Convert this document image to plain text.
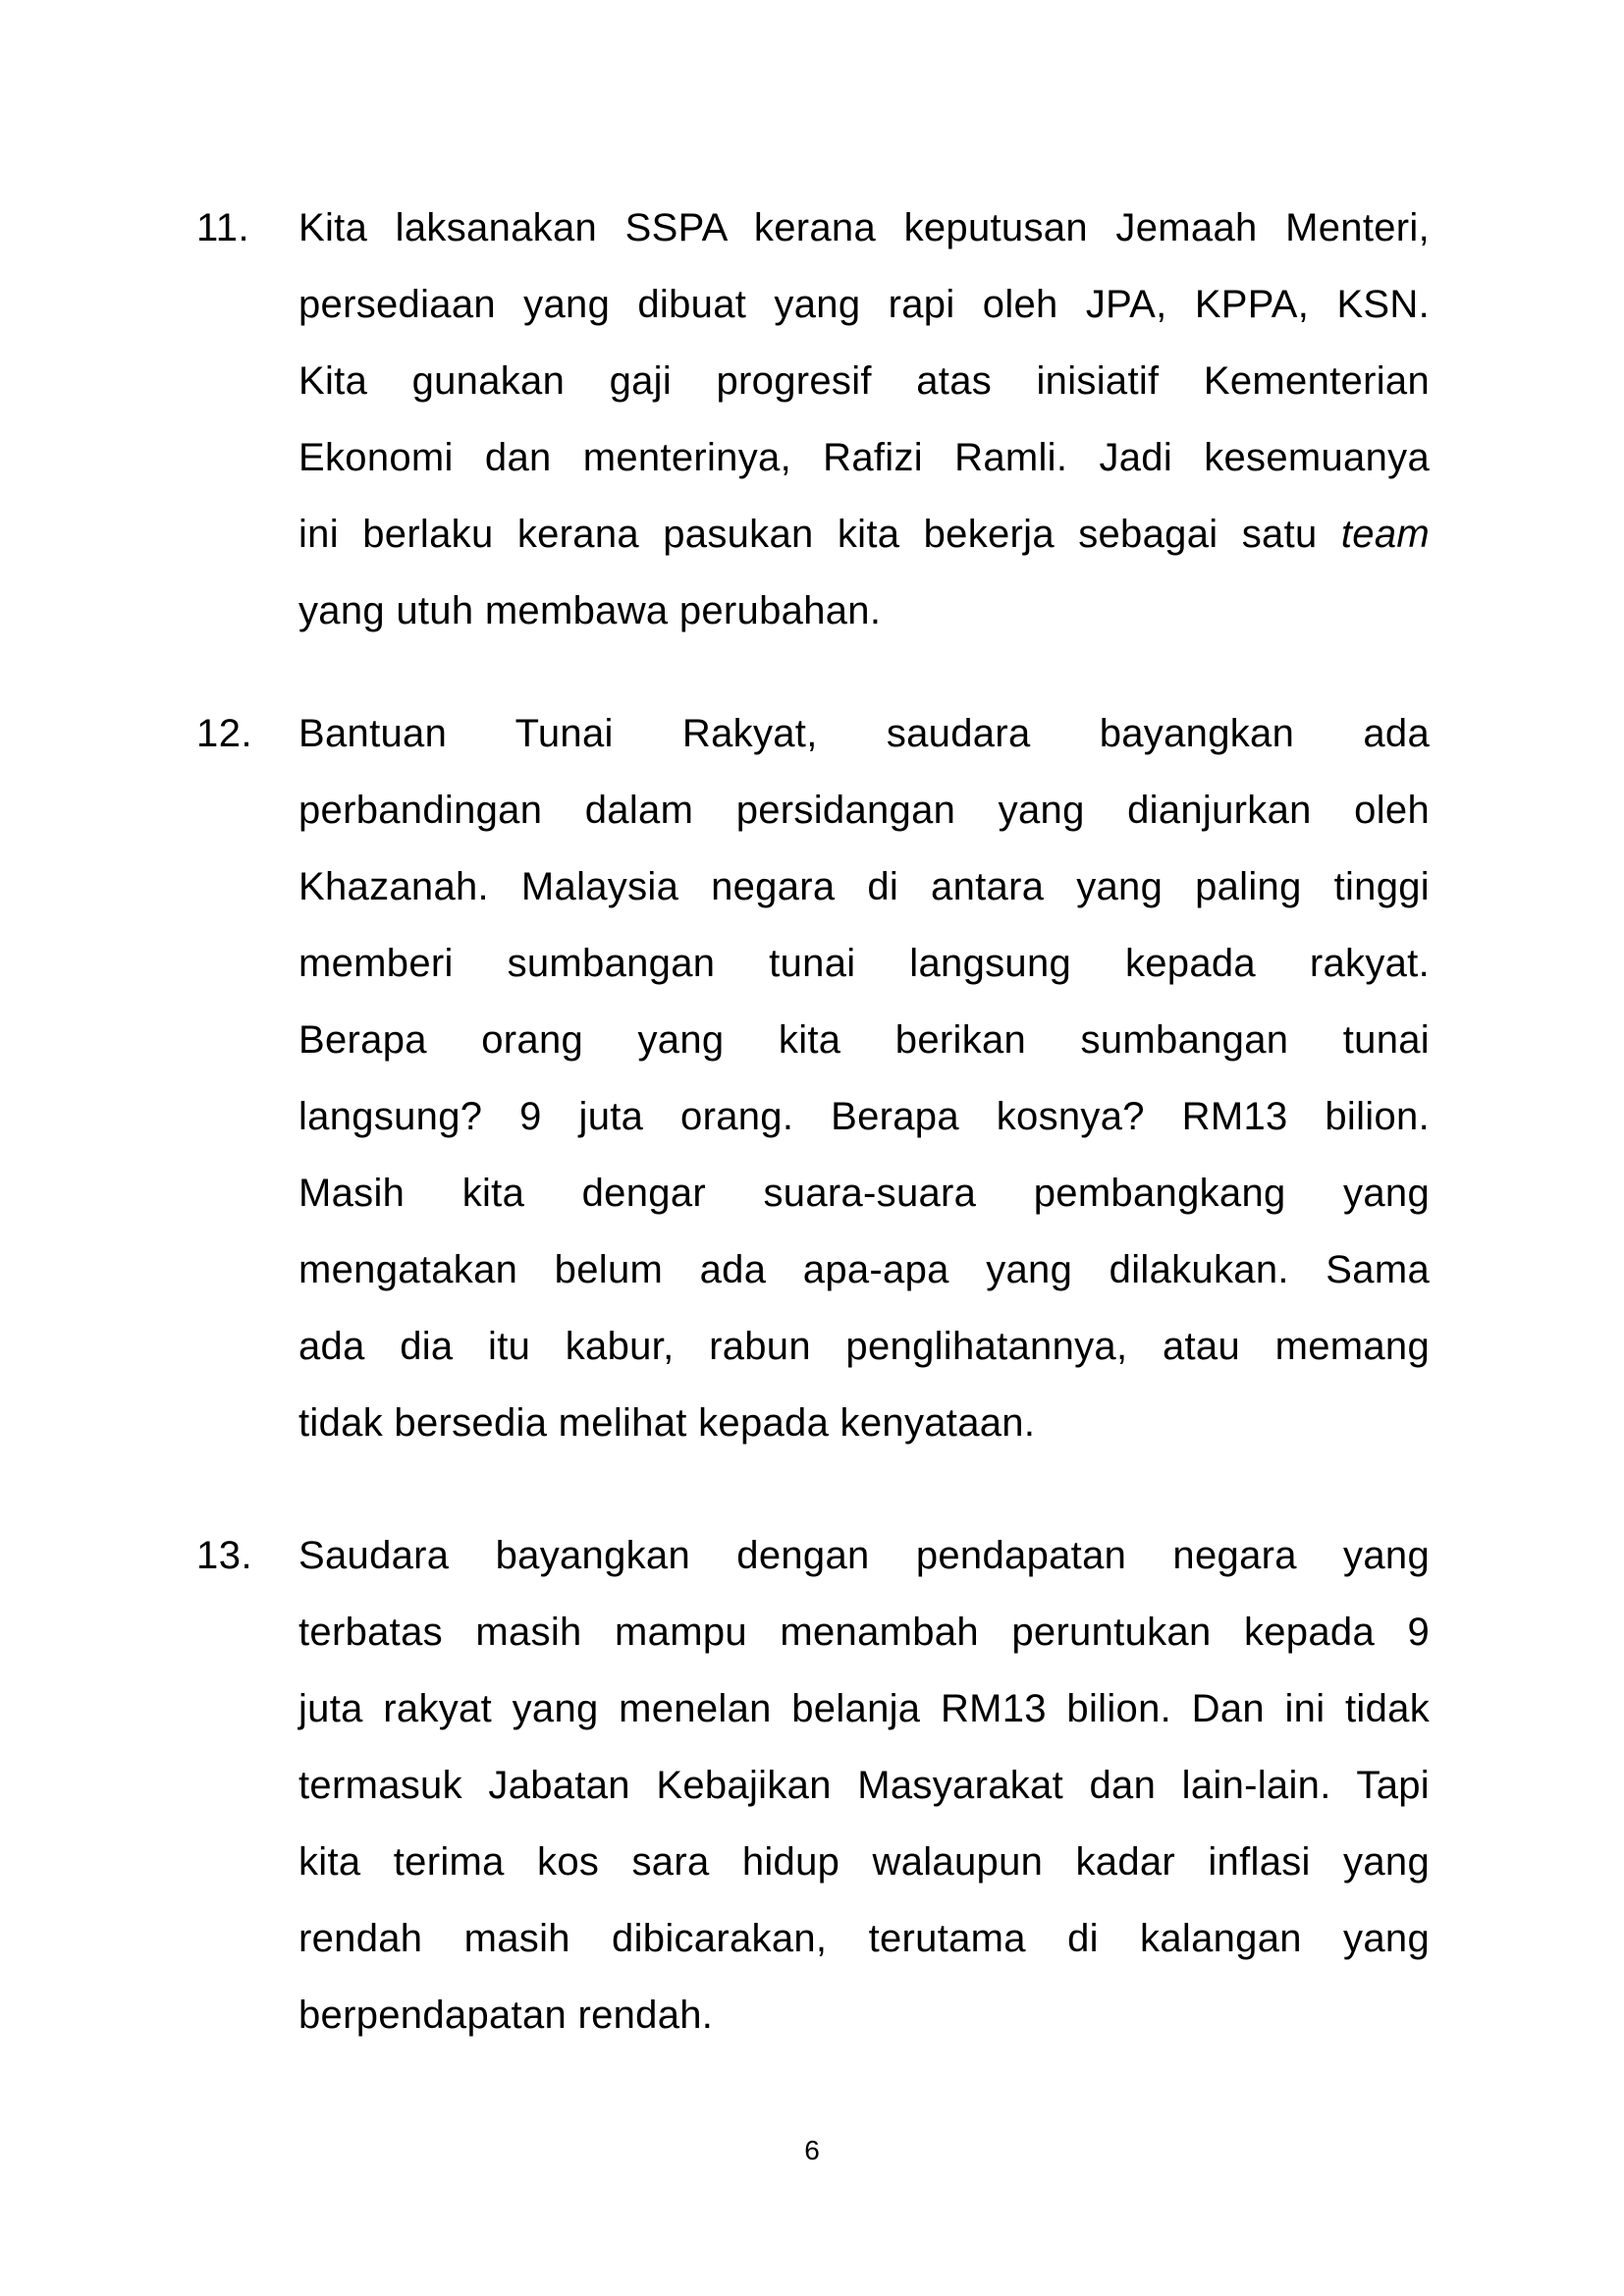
11. Kita laksanakan SSPA kerana keputusan Jemaah Menteri,
persediaan yang dibuat yang rapi oleh JPA, KPPA, KSN.
Kita gunakan gaji progresif atas inisiatif Kementerian
Ekonomi dan menterinya, Rafizi Ramli. Jadi kesemuanya
ini berlaku kerana pasukan kita bekerja sebagai satu team
yang utuh membawa perubahan.
12. Bantuan Tunai Rakyat, saudara bayangkan ada
perbandingan dalam persidangan yang dianjurkan oleh
Khazanah. Malaysia negara di antara yang paling tinggi
memberi sumbangan tunai langsung kepada rakyat.
Berapa orang yang kita berikan sumbangan tunai
langsung? 9 juta orang. Berapa kosnya? RM13 bilion.
Masih kita dengar suara-suara pembangkang yang
mengatakan belum ada apa-apa yang dilakukan. Sama
ada dia itu kabur, rabun penglihatannya, atau memang
tidak bersedia melihat kepada kenyataan.
13. Saudara bayangkan dengan pendapatan negara yang
terbatas masih mampu menambah peruntukan kepada 9
juta rakyat yang menelan belanja RM13 bilion. Dan ini tidak
termasuk Jabatan Kebajikan Masyarakat dan lain-lain. Tapi
kita terima kos sara hidup walaupun kadar inflasi yang
rendah masih dibicarakan, terutama di kalangan yang
berpendapatan rendah.
6
